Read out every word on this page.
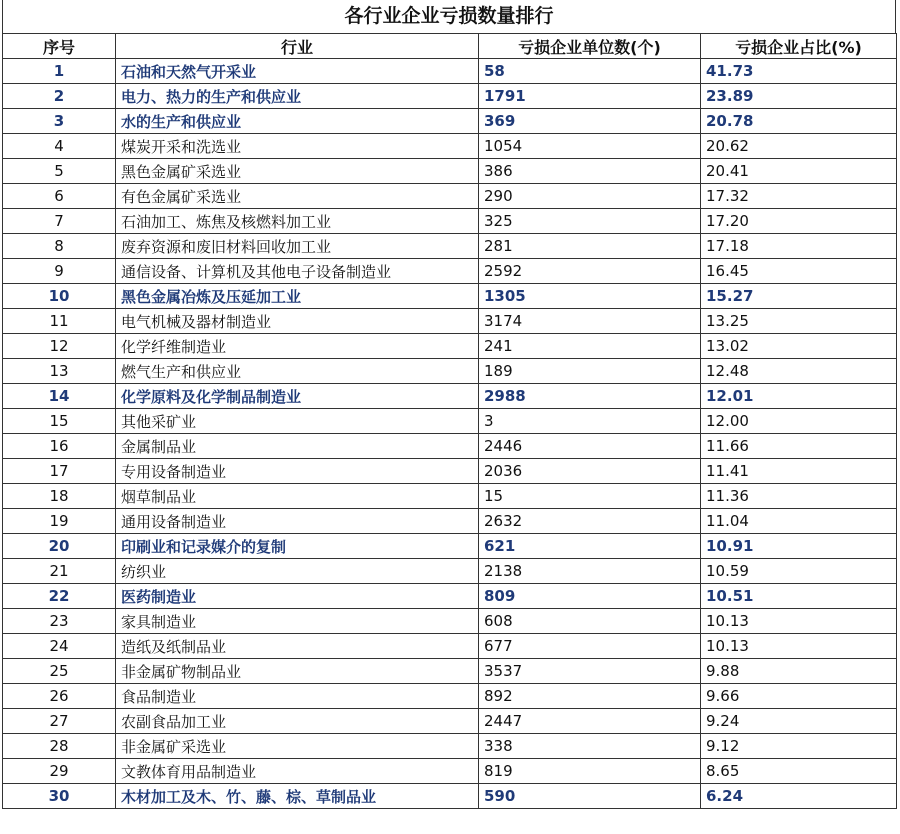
各行业企业亏损数量排行
序号	行业	亏损企业单位数(个)	亏损企业占比(%)
1	石油和天然气开采业	58	41.73
2	电力、热力的生产和供应业	1791	23.89
3	水的生产和供应业	369	20.78
4	煤炭开采和洗选业	1054	20.62
5	黑色金属矿采选业	386	20.41
6	有色金属矿采选业	290	17.32
7	石油加工、炼焦及核燃料加工业	325	17.20
8	废弃资源和废旧材料回收加工业	281	17.18
9	通信设备、计算机及其他电子设备制造业	2592	16.45
10	黑色金属冶炼及压延加工业	1305	15.27
11	电气机械及器材制造业	3174	13.25
12	化学纤维制造业	241	13.02
13	燃气生产和供应业	189	12.48
14	化学原料及化学制品制造业	2988	12.01
15	其他采矿业	3	12.00
16	金属制品业	2446	11.66
17	专用设备制造业	2036	11.41
18	烟草制品业	15	11.36
19	通用设备制造业	2632	11.04
20	印刷业和记录媒介的复制	621	10.91
21	纺织业	2138	10.59
22	医药制造业	809	10.51
23	家具制造业	608	10.13
24	造纸及纸制品业	677	10.13
25	非金属矿物制品业	3537	9.88
26	食品制造业	892	9.66
27	农副食品加工业	2447	9.24
28	非金属矿采选业	338	9.12
29	文教体育用品制造业	819	8.65
30	木材加工及木、竹、藤、棕、草制品业	590	6.24
